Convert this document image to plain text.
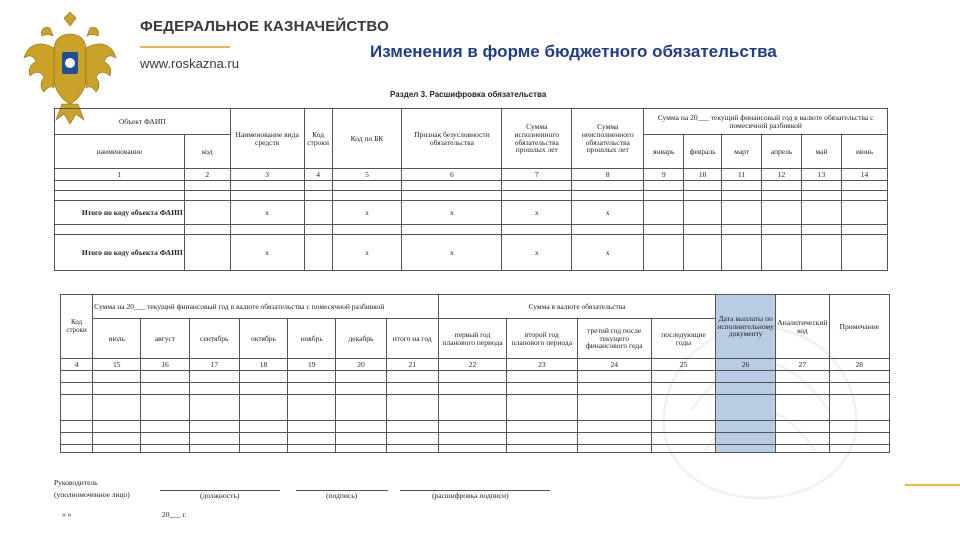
ФЕДЕРАЛЬНОЕ КАЗНАЧЕЙСТВО
www.roskazna.ru
Изменения в форме бюджетного обязательства
Раздел 3. Расшифровка обязательства
Объект ФАИП		Наименование вида средств	Код строки	Код по БК	Признак безусловности обязательства	Сумма исполненного обязательства прошлых лет	Сумма неисполненного обязательства прошлых лет	Сумма на 20___ текущий финансовый год в валюте обязательства с помесячной разбивкой					
наименование	код							январь	февраль	март	апрель	май	июнь
1	2	3	4	5	6	7	8	9	10	11	12	13	14

Итого по коду объекта ФАИП		x		x	x	x	x						

Итого по коду объекта ФАИП		x		x	x	x	x						
Код строки	Сумма на 20___ текущий финансовый год в валюте обязательства с помесячной разбивкой							Сумма в валюте обязательства				Дата выплаты по исполнительному документу	Аналитический код	Примечание
	июль	август	сентябрь	октябрь	ноябрь	декабрь	итого на год	первый год планового периода	второй год планового периода	третий год после текущего финансового года	последующие годы			
4	15	16	17	18	19	20	21	22	23	24	25	26	27	28

Руководитель
(уполномоченное лицо)	(должность)	(подпись)	(расшифровка подписи)
« »	20___ г.
